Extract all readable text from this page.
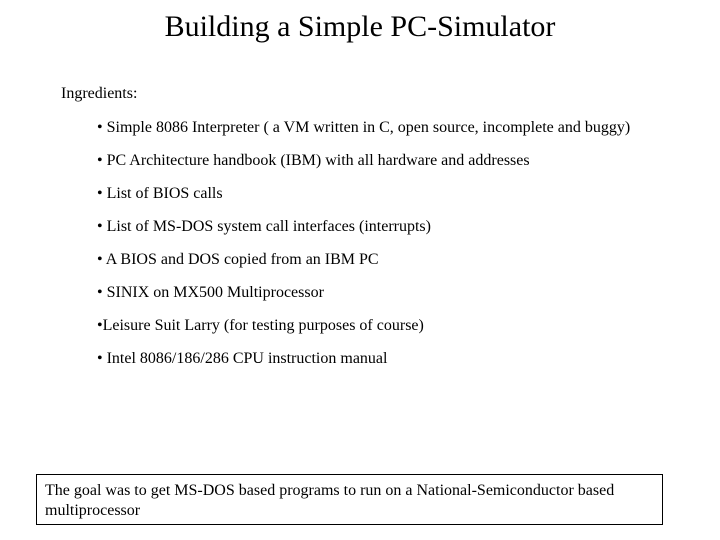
Building a Simple PC-Simulator
Ingredients:
• Simple 8086 Interpreter ( a VM written in C, open source, incomplete and buggy)
• PC Architecture handbook (IBM) with all hardware and addresses
• List of BIOS calls
• List of MS-DOS system call interfaces (interrupts)
• A BIOS and DOS copied from an IBM PC
• SINIX on MX500 Multiprocessor
•Leisure Suit Larry (for testing purposes of course)
• Intel 8086/186/286 CPU instruction manual
The goal was to get MS-DOS based programs to run on a National-Semiconductor based multiprocessor
